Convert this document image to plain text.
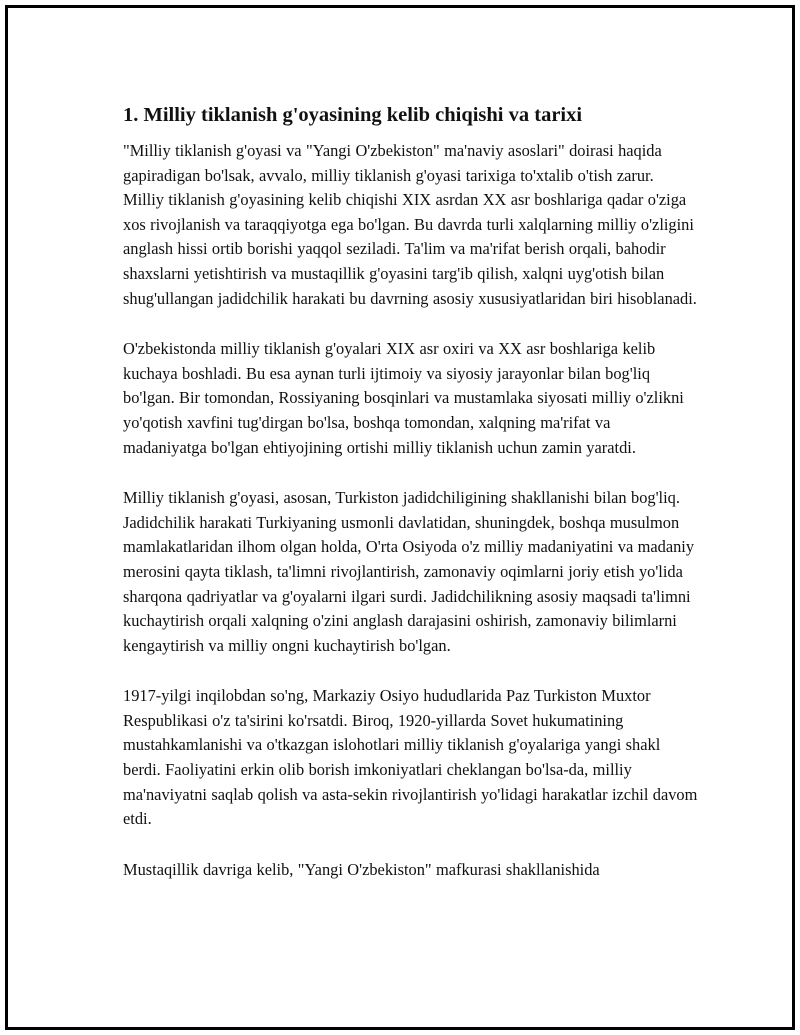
1. Milliy tiklanish g'oyasining kelib chiqishi va tarixi

"Milliy tiklanish g'oyasi va "Yangi O'zbekiston" ma'naviy asoslari" doirasi haqida gapiradigan bo'lsak, avvalo, milliy tiklanish g'oyasi tarixiga to'xtalib o'tish zarur. Milliy tiklanish g'oyasining kelib chiqishi XIX asrdan XX asr boshlariga qadar o'ziga xos rivojlanish va taraqqiyotga ega bo'lgan. Bu davrda turli xalqlarning milliy o'zligini anglash hissi ortib borishi yaqqol seziladi. Ta'lim va ma'rifat berish orqali, bahodir shaxslarni yetishtirish va mustaqillik g'oyasini targ'ib qilish, xalqni uyg'otish bilan shug'ullangan jadidchilik harakati bu davrning asosiy xususiyatlaridan biri hisoblanadi.

O'zbekistonda milliy tiklanish g'oyalari XIX asr oxiri va XX asr boshlariga kelib kuchaya boshladi. Bu esa aynan turli ijtimoiy va siyosiy jarayonlar bilan bog'liq bo'lgan. Bir tomondan, Rossiyaning bosqinlari va mustamlaka siyosati milliy o'zlikni yo'qotish xavfini tug'dirgan bo'lsa, boshqa tomondan, xalqning ma'rifat va madaniyatga bo'lgan ehtiyojining ortishi milliy tiklanish uchun zamin yaratdi.

Milliy tiklanish g'oyasi, asosan, Turkiston jadidchiligining shakllanishi bilan bog'liq. Jadidchilik harakati Turkiyaning usmonli davlatidan, shuningdek, boshqa musulmon mamlakatlaridan ilhom olgan holda, O'rta Osiyoda o'z milliy madaniyatini va madaniy merosini qayta tiklash, ta'limni rivojlantirish, zamonaviy oqimlarni joriy etish yo'lida sharqona qadriyatlar va g'oyalarni ilgari surdi. Jadidchilikning asosiy maqsadi ta'limni kuchaytirish orqali xalqning o'zini anglash darajasini oshirish, zamonaviy bilimlarni kengaytirish va milliy ongni kuchaytirish bo'lgan.

1917-yilgi inqilobdan so'ng, Markaziy Osiyo hududlarida Paz Turkiston Muxtor Respublikasi o'z ta'sirini ko'rsatdi. Biroq, 1920-yillarda Sovet hukumatining mustahkamlanishi va o'tkazgan islohotlari milliy tiklanish g'oyalariga yangi shakl berdi. Faoliyatini erkin olib borish imkoniyatlari cheklangan bo'lsa-da, milliy ma'naviyatni saqlab qolish va asta-sekin rivojlantirish yo'lidagi harakatlar izchil davom etdi.

Mustaqillik davriga kelib, "Yangi O'zbekiston" mafkurasi shakllanishida
